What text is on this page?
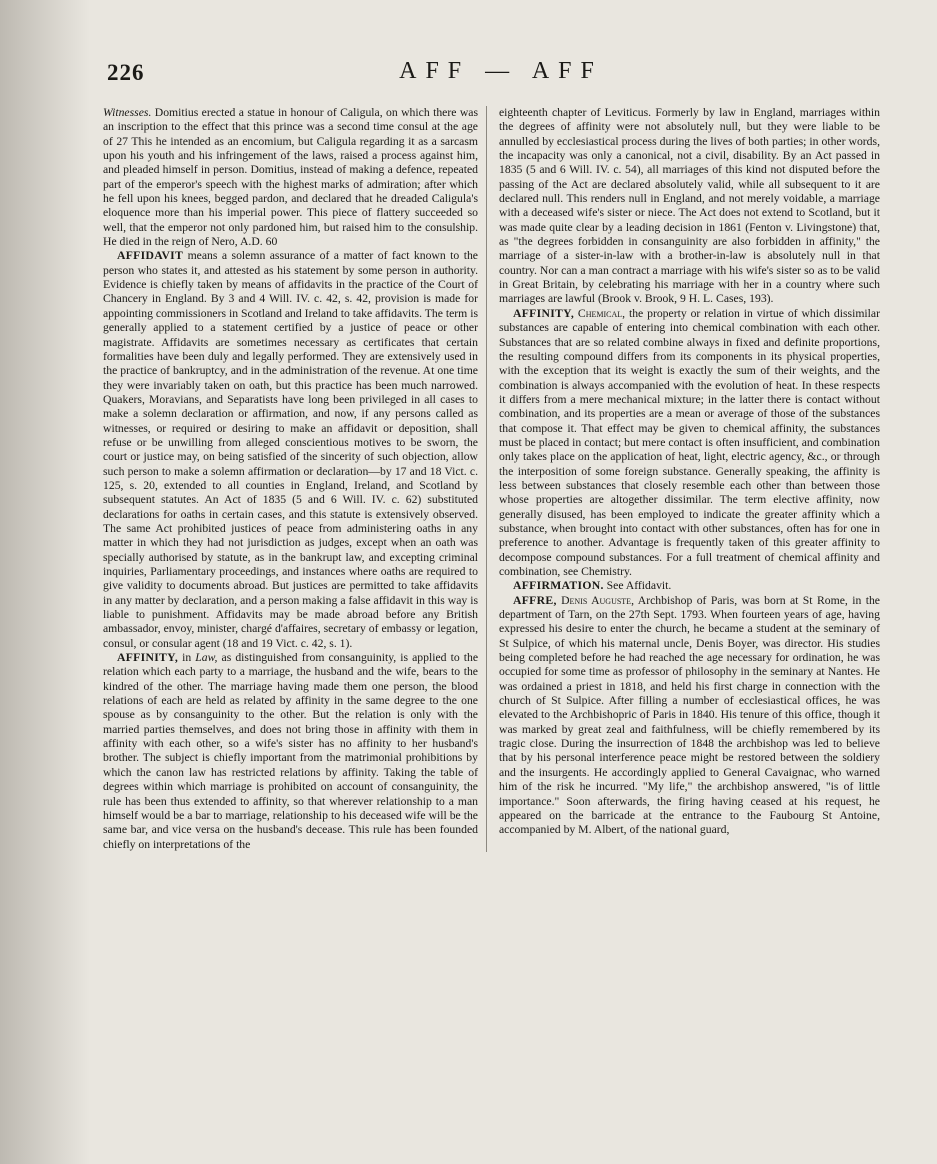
226	AFF — AFF

Witnesses. Domitius erected a statue in honour of Caligula, on which there was an inscription to the effect that this prince was a second time consul at the age of 27 This he intended as an encomium, but Caligula regarding it as a sarcasm upon his youth and his infringement of the laws, raised a process against him, and pleaded himself in person. Domitius, instead of making a defence, repeated part of the emperor's speech with the highest marks of admiration; after which he fell upon his knees, begged pardon, and declared that he dreaded Caligula's eloquence more than his imperial power. This piece of flattery succeeded so well, that the emperor not only pardoned him, but raised him to the consulship. He died in the reign of Nero, A.D. 60

AFFIDAVIT means a solemn assurance of a matter of fact known to the person who states it, and attested as his statement by some person in authority. Evidence is chiefly taken by means of affidavits in the practice of the Court of Chancery in England. By 3 and 4 Will. IV. c. 42, s. 42, provision is made for appointing commissioners in Scotland and Ireland to take affidavits. The term is generally applied to a statement certified by a justice of peace or other magistrate. Affidavits are sometimes necessary as certificates that certain formalities have been duly and legally performed. They are extensively used in the practice of bankruptcy, and in the administration of the revenue. At one time they were invariably taken on oath, but this practice has been much narrowed. Quakers, Moravians, and Separatists have long been privileged in all cases to make a solemn declaration or affirmation, and now, if any persons called as witnesses, or required or desiring to make an affidavit or deposition, shall refuse or be unwilling from alleged conscientious motives to be sworn, the court or justice may, on being satisfied of the sincerity of such objection, allow such person to make a solemn affirmation or declaration—by 17 and 18 Vict. c. 125, s. 20, extended to all counties in England, Ireland, and Scotland by subsequent statutes. An Act of 1835 (5 and 6 Will. IV. c. 62) substituted declarations for oaths in certain cases, and this statute is extensively observed. The same Act prohibited justices of peace from administering oaths in any matter in which they had not jurisdiction as judges, except when an oath was specially authorised by statute, as in the bankrupt law, and excepting criminal inquiries, Parliamentary proceedings, and instances where oaths are required to give validity to documents abroad. But justices are permitted to take affidavits in any matter by declaration, and a person making a false affidavit in this way is liable to punishment. Affidavits may be made abroad before any British ambassador, envoy, minister, chargé d'affaires, secretary of embassy or legation, consul, or consular agent (18 and 19 Vict. c. 42, s. 1).

AFFINITY, in Law, as distinguished from consanguinity, is applied to the relation which each party to a marriage, the husband and the wife, bears to the kindred of the other. The marriage having made them one person, the blood relations of each are held as related by affinity in the same degree to the one spouse as by consanguinity to the other. But the relation is only with the married parties themselves, and does not bring those in affinity with them in affinity with each other, so a wife's sister has no affinity to her husband's brother. The subject is chiefly important from the matrimonial prohibitions by which the canon law has restricted relations by affinity. Taking the table of degrees within which marriage is prohibited on account of consanguinity, the rule has been thus extended to affinity, so that wherever relationship to a man himself would be a bar to marriage, relationship to his deceased wife will be the same bar, and vice versa on the husband's decease. This rule has been founded chiefly on interpretations of the

eighteenth chapter of Leviticus. Formerly by law in England, marriages within the degrees of affinity were not absolutely null, but they were liable to be annulled by ecclesiastical process during the lives of both parties; in other words, the incapacity was only a canonical, not a civil, disability. By an Act passed in 1835 (5 and 6 Will. IV. c. 54), all marriages of this kind not disputed before the passing of the Act are declared absolutely valid, while all subsequent to it are declared null. This renders null in England, and not merely voidable, a marriage with a deceased wife's sister or niece. The Act does not extend to Scotland, but it was made quite clear by a leading decision in 1861 (Fenton v. Livingstone) that, as "the degrees forbidden in consanguinity are also forbidden in affinity," the marriage of a sister-in-law with a brother-in-law is absolutely null in that country. Nor can a man contract a marriage with his wife's sister so as to be valid in Great Britain, by celebrating his marriage with her in a country where such marriages are lawful (Brook v. Brook, 9 H. L. Cases, 193).

AFFINITY, Chemical, the property or relation in virtue of which dissimilar substances are capable of entering into chemical combination with each other. Substances that are so related combine always in fixed and definite proportions, the resulting compound differs from its components in its physical properties, with the exception that its weight is exactly the sum of their weights, and the combination is always accompanied with the evolution of heat. In these respects it differs from a mere mechanical mixture; in the latter there is contact without combination, and its properties are a mean or average of those of the substances that compose it. That effect may be given to chemical affinity, the substances must be placed in contact; but mere contact is often insufficient, and combination only takes place on the application of heat, light, electric agency, &c., or through the interposition of some foreign substance. Generally speaking, the affinity is less between substances that closely resemble each other than between those whose properties are altogether dissimilar. The term elective affinity, now generally disused, has been employed to indicate the greater affinity which a substance, when brought into contact with other substances, often has for one in preference to another. Advantage is frequently taken of this greater affinity to decompose compound substances. For a full treatment of chemical affinity and combination, see Chemistry.

AFFIRMATION. See Affidavit.

AFFRE, Denis Auguste, Archbishop of Paris, was born at St Rome, in the department of Tarn, on the 27th Sept. 1793. When fourteen years of age, having expressed his desire to enter the church, he became a student at the seminary of St Sulpice, of which his maternal uncle, Denis Boyer, was director. His studies being completed before he had reached the age necessary for ordination, he was occupied for some time as professor of philosophy in the seminary at Nantes. He was ordained a priest in 1818, and held his first charge in connection with the church of St Sulpice. After filling a number of ecclesiastical offices, he was elevated to the Archbishopric of Paris in 1840. His tenure of this office, though it was marked by great zeal and faithfulness, will be chiefly remembered by its tragic close. During the insurrection of 1848 the archbishop was led to believe that by his personal interference peace might be restored between the soldiery and the insurgents. He accordingly applied to General Cavaignac, who warned him of the risk he incurred. "My life," the archbishop answered, "is of little importance." Soon afterwards, the firing having ceased at his request, he appeared on the barricade at the entrance to the Faubourg St Antoine, accompanied by M. Albert, of the national guard,
